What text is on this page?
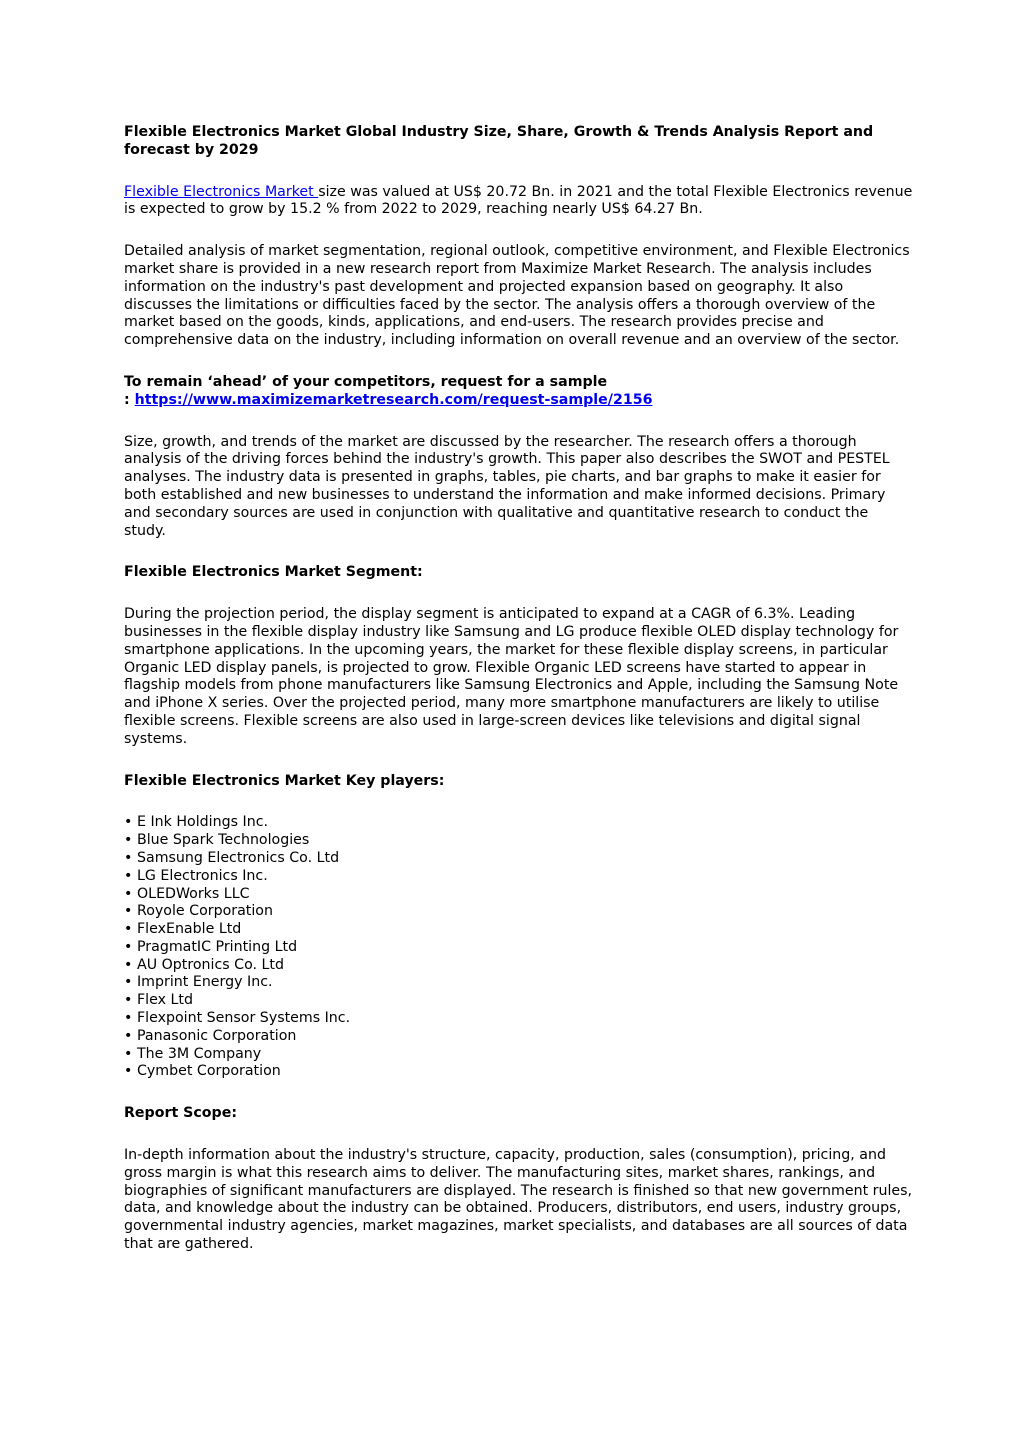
Flexible Electronics Market Global Industry Size, Share, Growth & Trends Analysis Report and forecast by 2029

Flexible Electronics Market size was valued at US$ 20.72 Bn. in 2021 and the total Flexible Electronics revenue is expected to grow by 15.2 % from 2022 to 2029, reaching nearly US$ 64.27 Bn.

Detailed analysis of market segmentation, regional outlook, competitive environment, and Flexible Electronics market share is provided in a new research report from Maximize Market Research. The analysis includes information on the industry's past development and projected expansion based on geography. It also discusses the limitations or difficulties faced by the sector. The analysis offers a thorough overview of the market based on the goods, kinds, applications, and end-users. The research provides precise and comprehensive data on the industry, including information on overall revenue and an overview of the sector.

To remain ‘ahead’ of your competitors, request for a sample
: https://www.maximizemarketresearch.com/request-sample/2156

Size, growth, and trends of the market are discussed by the researcher. The research offers a thorough analysis of the driving forces behind the industry's growth. This paper also describes the SWOT and PESTEL analyses. The industry data is presented in graphs, tables, pie charts, and bar graphs to make it easier for both established and new businesses to understand the information and make informed decisions. Primary and secondary sources are used in conjunction with qualitative and quantitative research to conduct the study.

Flexible Electronics Market Segment:

During the projection period, the display segment is anticipated to expand at a CAGR of 6.3%. Leading businesses in the flexible display industry like Samsung and LG produce flexible OLED display technology for smartphone applications. In the upcoming years, the market for these flexible display screens, in particular Organic LED display panels, is projected to grow. Flexible Organic LED screens have started to appear in flagship models from phone manufacturers like Samsung Electronics and Apple, including the Samsung Note and iPhone X series. Over the projected period, many more smartphone manufacturers are likely to utilise flexible screens. Flexible screens are also used in large-screen devices like televisions and digital signal systems.

Flexible Electronics Market Key players:
• E Ink Holdings Inc.
• Blue Spark Technologies
• Samsung Electronics Co. Ltd
• LG Electronics Inc.
• OLEDWorks LLC
• Royole Corporation
• FlexEnable Ltd
• PragmatIC Printing Ltd
• AU Optronics Co. Ltd
• Imprint Energy Inc.
• Flex Ltd
• Flexpoint Sensor Systems Inc.
• Panasonic Corporation
• The 3M Company
• Cymbet Corporation
Report Scope:

In-depth information about the industry's structure, capacity, production, sales (consumption), pricing, and gross margin is what this research aims to deliver. The manufacturing sites, market shares, rankings, and biographies of significant manufacturers are displayed. The research is finished so that new government rules, data, and knowledge about the industry can be obtained. Producers, distributors, end users, industry groups, governmental industry agencies, market magazines, market specialists, and databases are all sources of data that are gathered.
